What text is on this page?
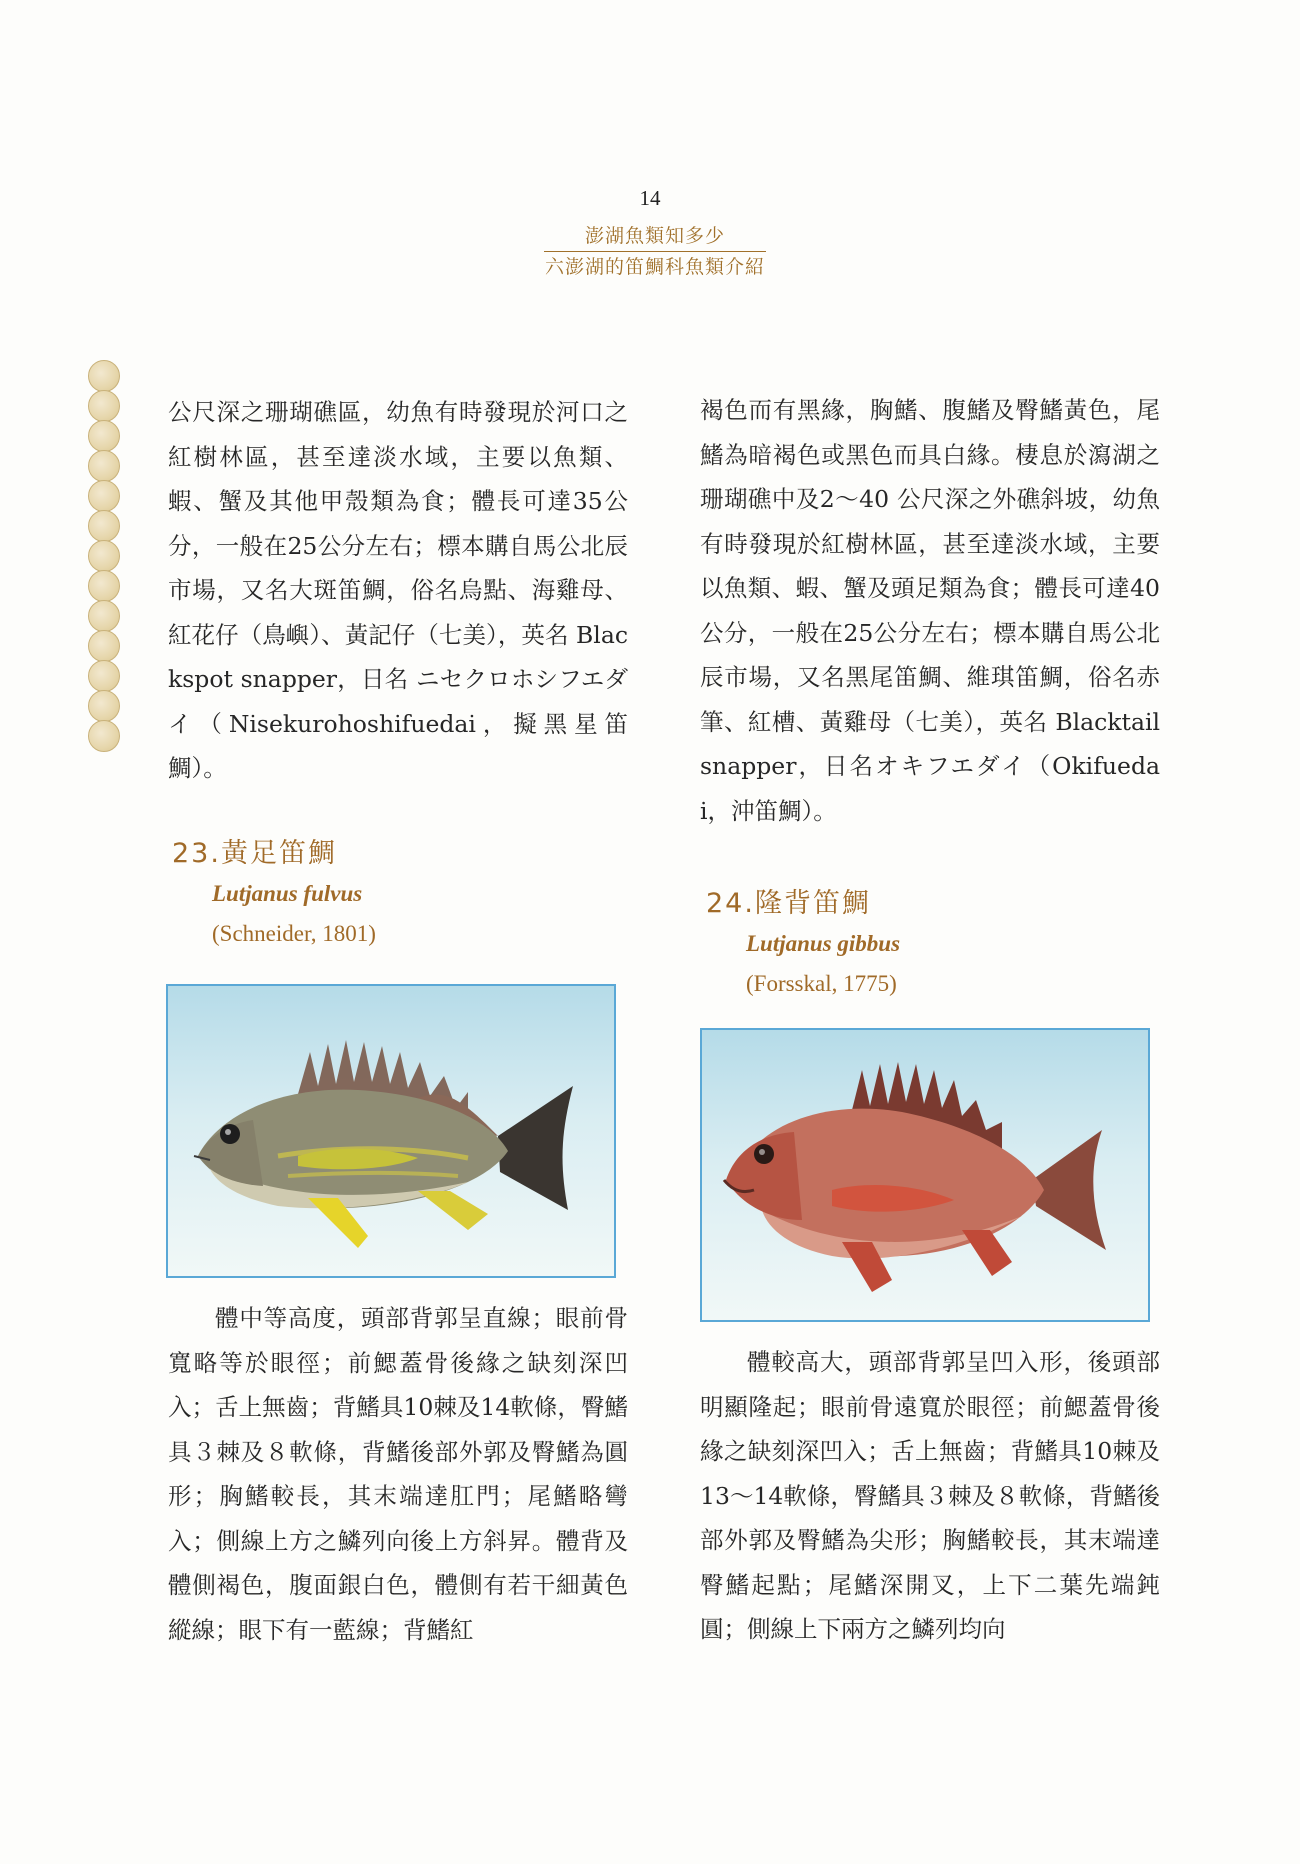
14
澎湖魚類知多少
六澎湖的笛鯛科魚類介紹

公尺深之珊瑚礁區，幼魚有時發現於河口之紅樹林區，甚至達淡水域，主要以魚類、蝦、蟹及其他甲殼類為食；體長可達35公分，一般在25公分左右；標本購自馬公北辰市場，又名大斑笛鯛，俗名烏點、海雞母、紅花仔（鳥嶼）、黃記仔（七美），英名 Blackspot snapper，日名 ニセクロホシフエダイ（Nisekurohoshifuedai，擬黑星笛鯛）。

23.黃足笛鯛

Lutjanus fulvus

(Schneider, 1801)

體中等高度，頭部背郭呈直線；眼前骨寬略等於眼徑；前鰓蓋骨後緣之缺刻深凹入；舌上無齒；背鰭具10棘及14軟條，臀鰭具３棘及８軟條，背鰭後部外郭及臀鰭為圓形；胸鰭較長，其末端達肛門；尾鰭略彎入；側線上方之鱗列向後上方斜昇。體背及體側褐色，腹面銀白色，體側有若干細黃色縱線；眼下有一藍線；背鰭紅

褐色而有黑緣，胸鰭、腹鰭及臀鰭黃色，尾鰭為暗褐色或黑色而具白緣。棲息於瀉湖之珊瑚礁中及2～40 公尺深之外礁斜坡，幼魚有時發現於紅樹林區，甚至達淡水域，主要以魚類、蝦、蟹及頭足類為食；體長可達40公分，一般在25公分左右；標本購自馬公北辰市場，又名黑尾笛鯛、維琪笛鯛，俗名赤筆、紅槽、黃雞母（七美），英名 Blacktail snapper，日名オキフエダイ（Okifuedai，沖笛鯛）。

24.隆背笛鯛

Lutjanus gibbus

(Forsskal, 1775)

體較高大，頭部背郭呈凹入形，後頭部明顯隆起；眼前骨遠寬於眼徑；前鰓蓋骨後緣之缺刻深凹入；舌上無齒；背鰭具10棘及13～14軟條，臀鰭具３棘及８軟條，背鰭後部外郭及臀鰭為尖形；胸鰭較長，其末端達臀鰭起點；尾鰭深開叉，上下二葉先端鈍圓；側線上下兩方之鱗列均向
